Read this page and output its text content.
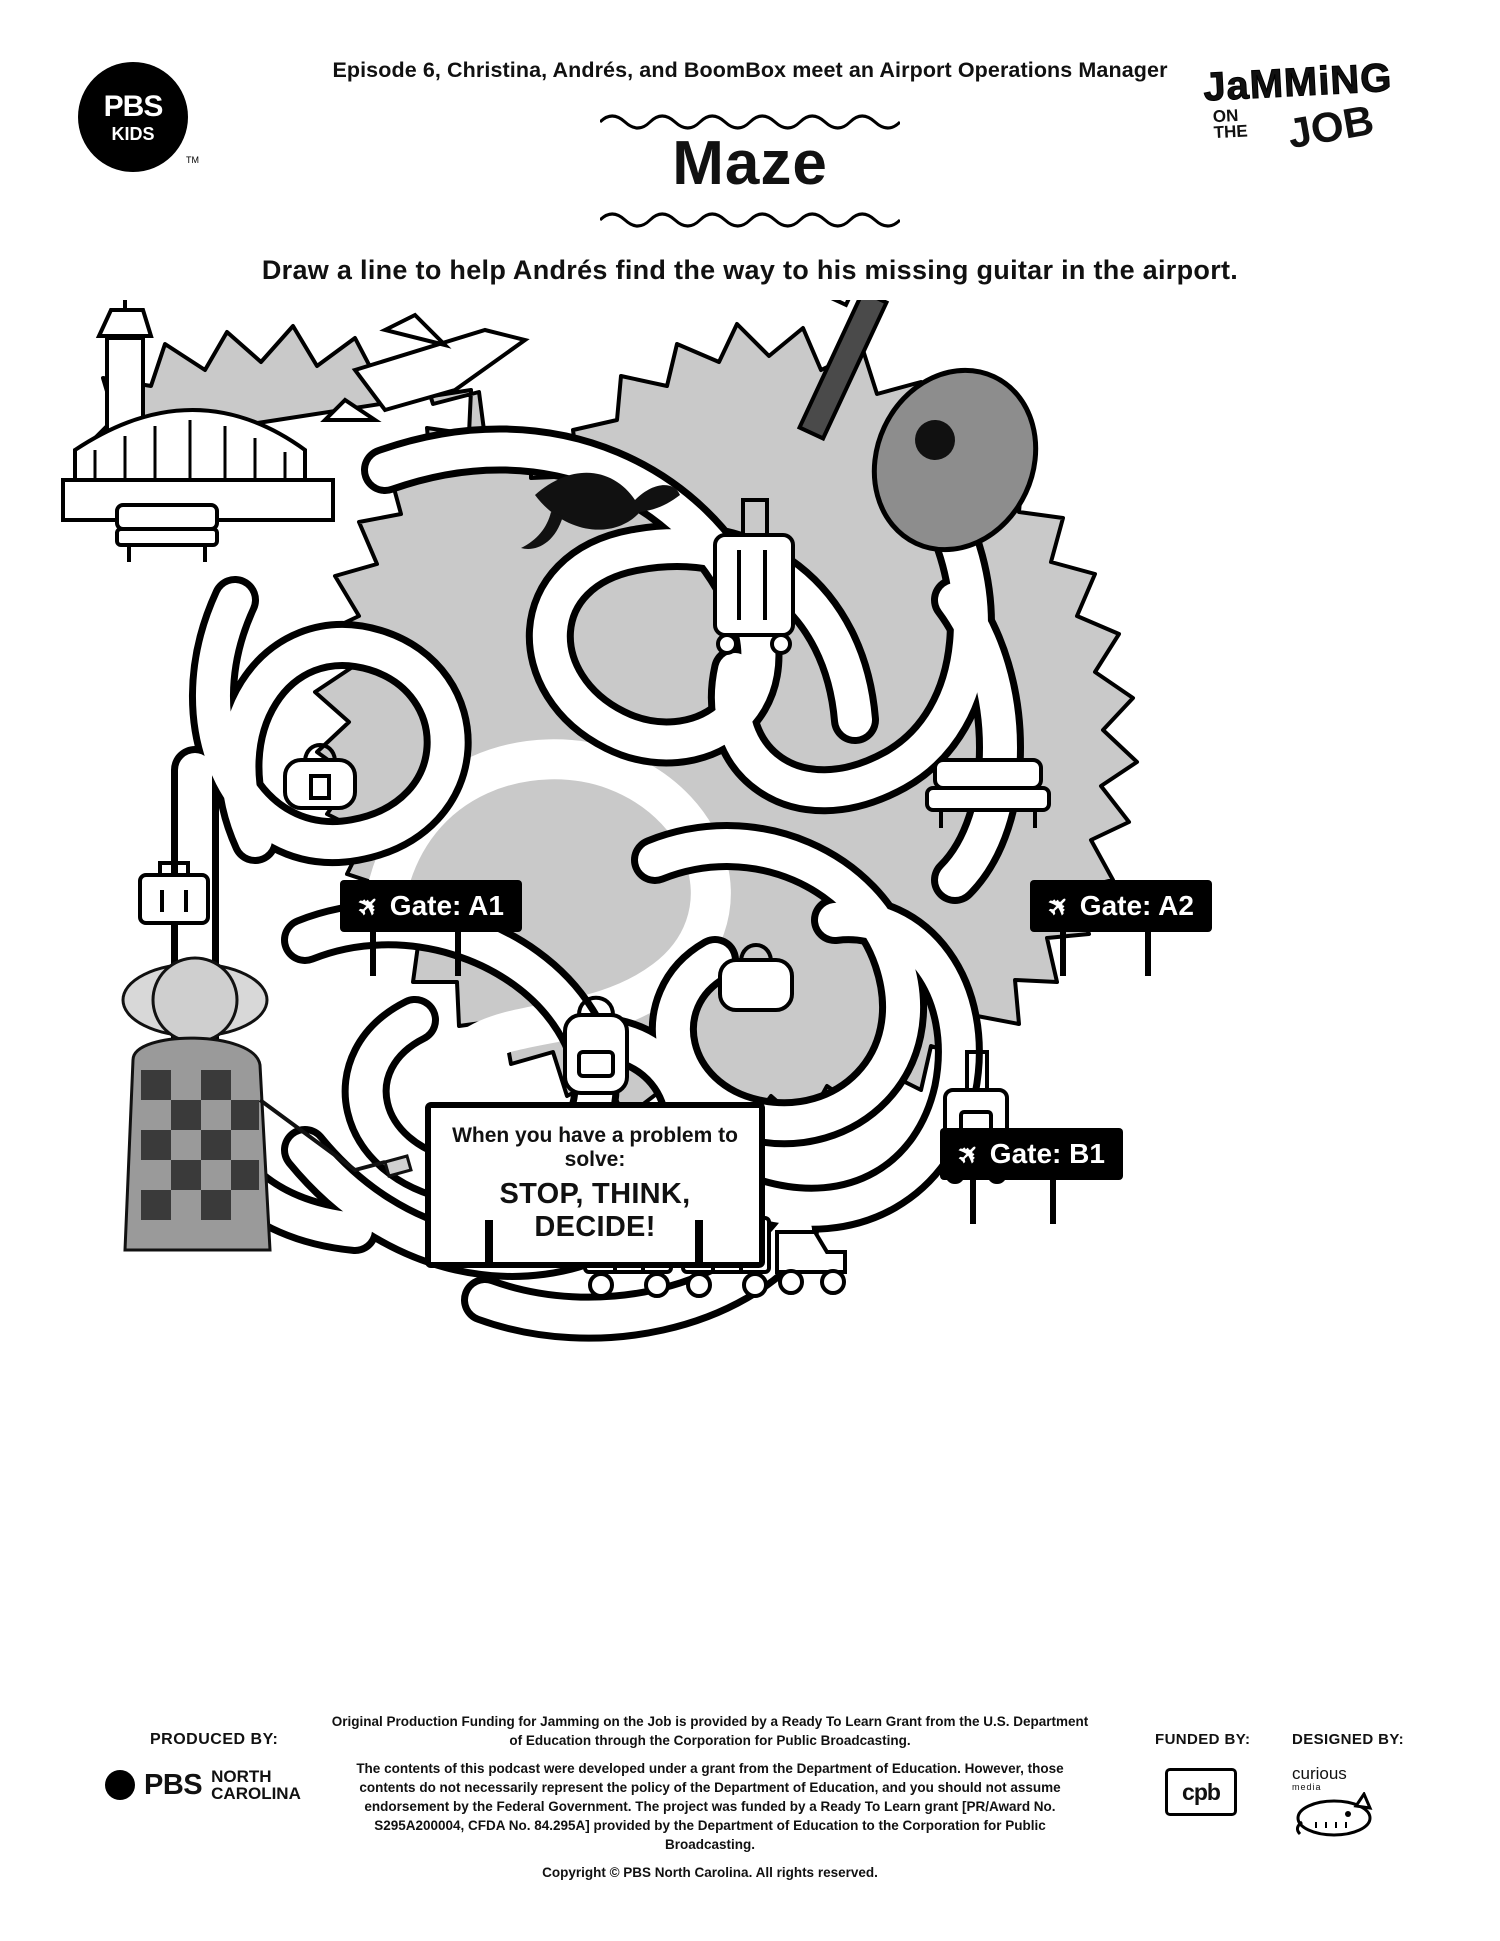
PBS
KIDS
TM
Episode 6, Christina, Andrés, and BoomBox meet an Airport Operations Manager
Maze
JaMMiNG
ON
THE JOB
Draw a line to help Andrés find the way to his missing guitar in the airport.
✈ Gate: A1	✈ Gate: A2
✈ Gate: B1
When you have a problem to solve:
STOP, THINK, DECIDE!
PRODUCED BY:
PBS NORTH
CAROLINA

Original Production Funding for Jamming on the Job is provided by a Ready To Learn Grant from the U.S. Department of Education through the Corporation for Public Broadcasting.

The contents of this podcast were developed under a grant from the Department of Education. However, those contents do not necessarily represent the policy of the Department of Education, and you should not assume endorsement by the Federal Government. The project was funded by a Ready To Learn grant [PR/Award No. S295A200004, CFDA No. 84.295A] provided by the Department of Education to the Corporation for Public Broadcasting.

Copyright © PBS North Carolina. All rights reserved.

FUNDED BY:
cpb
DESIGNED BY:
curious
media
